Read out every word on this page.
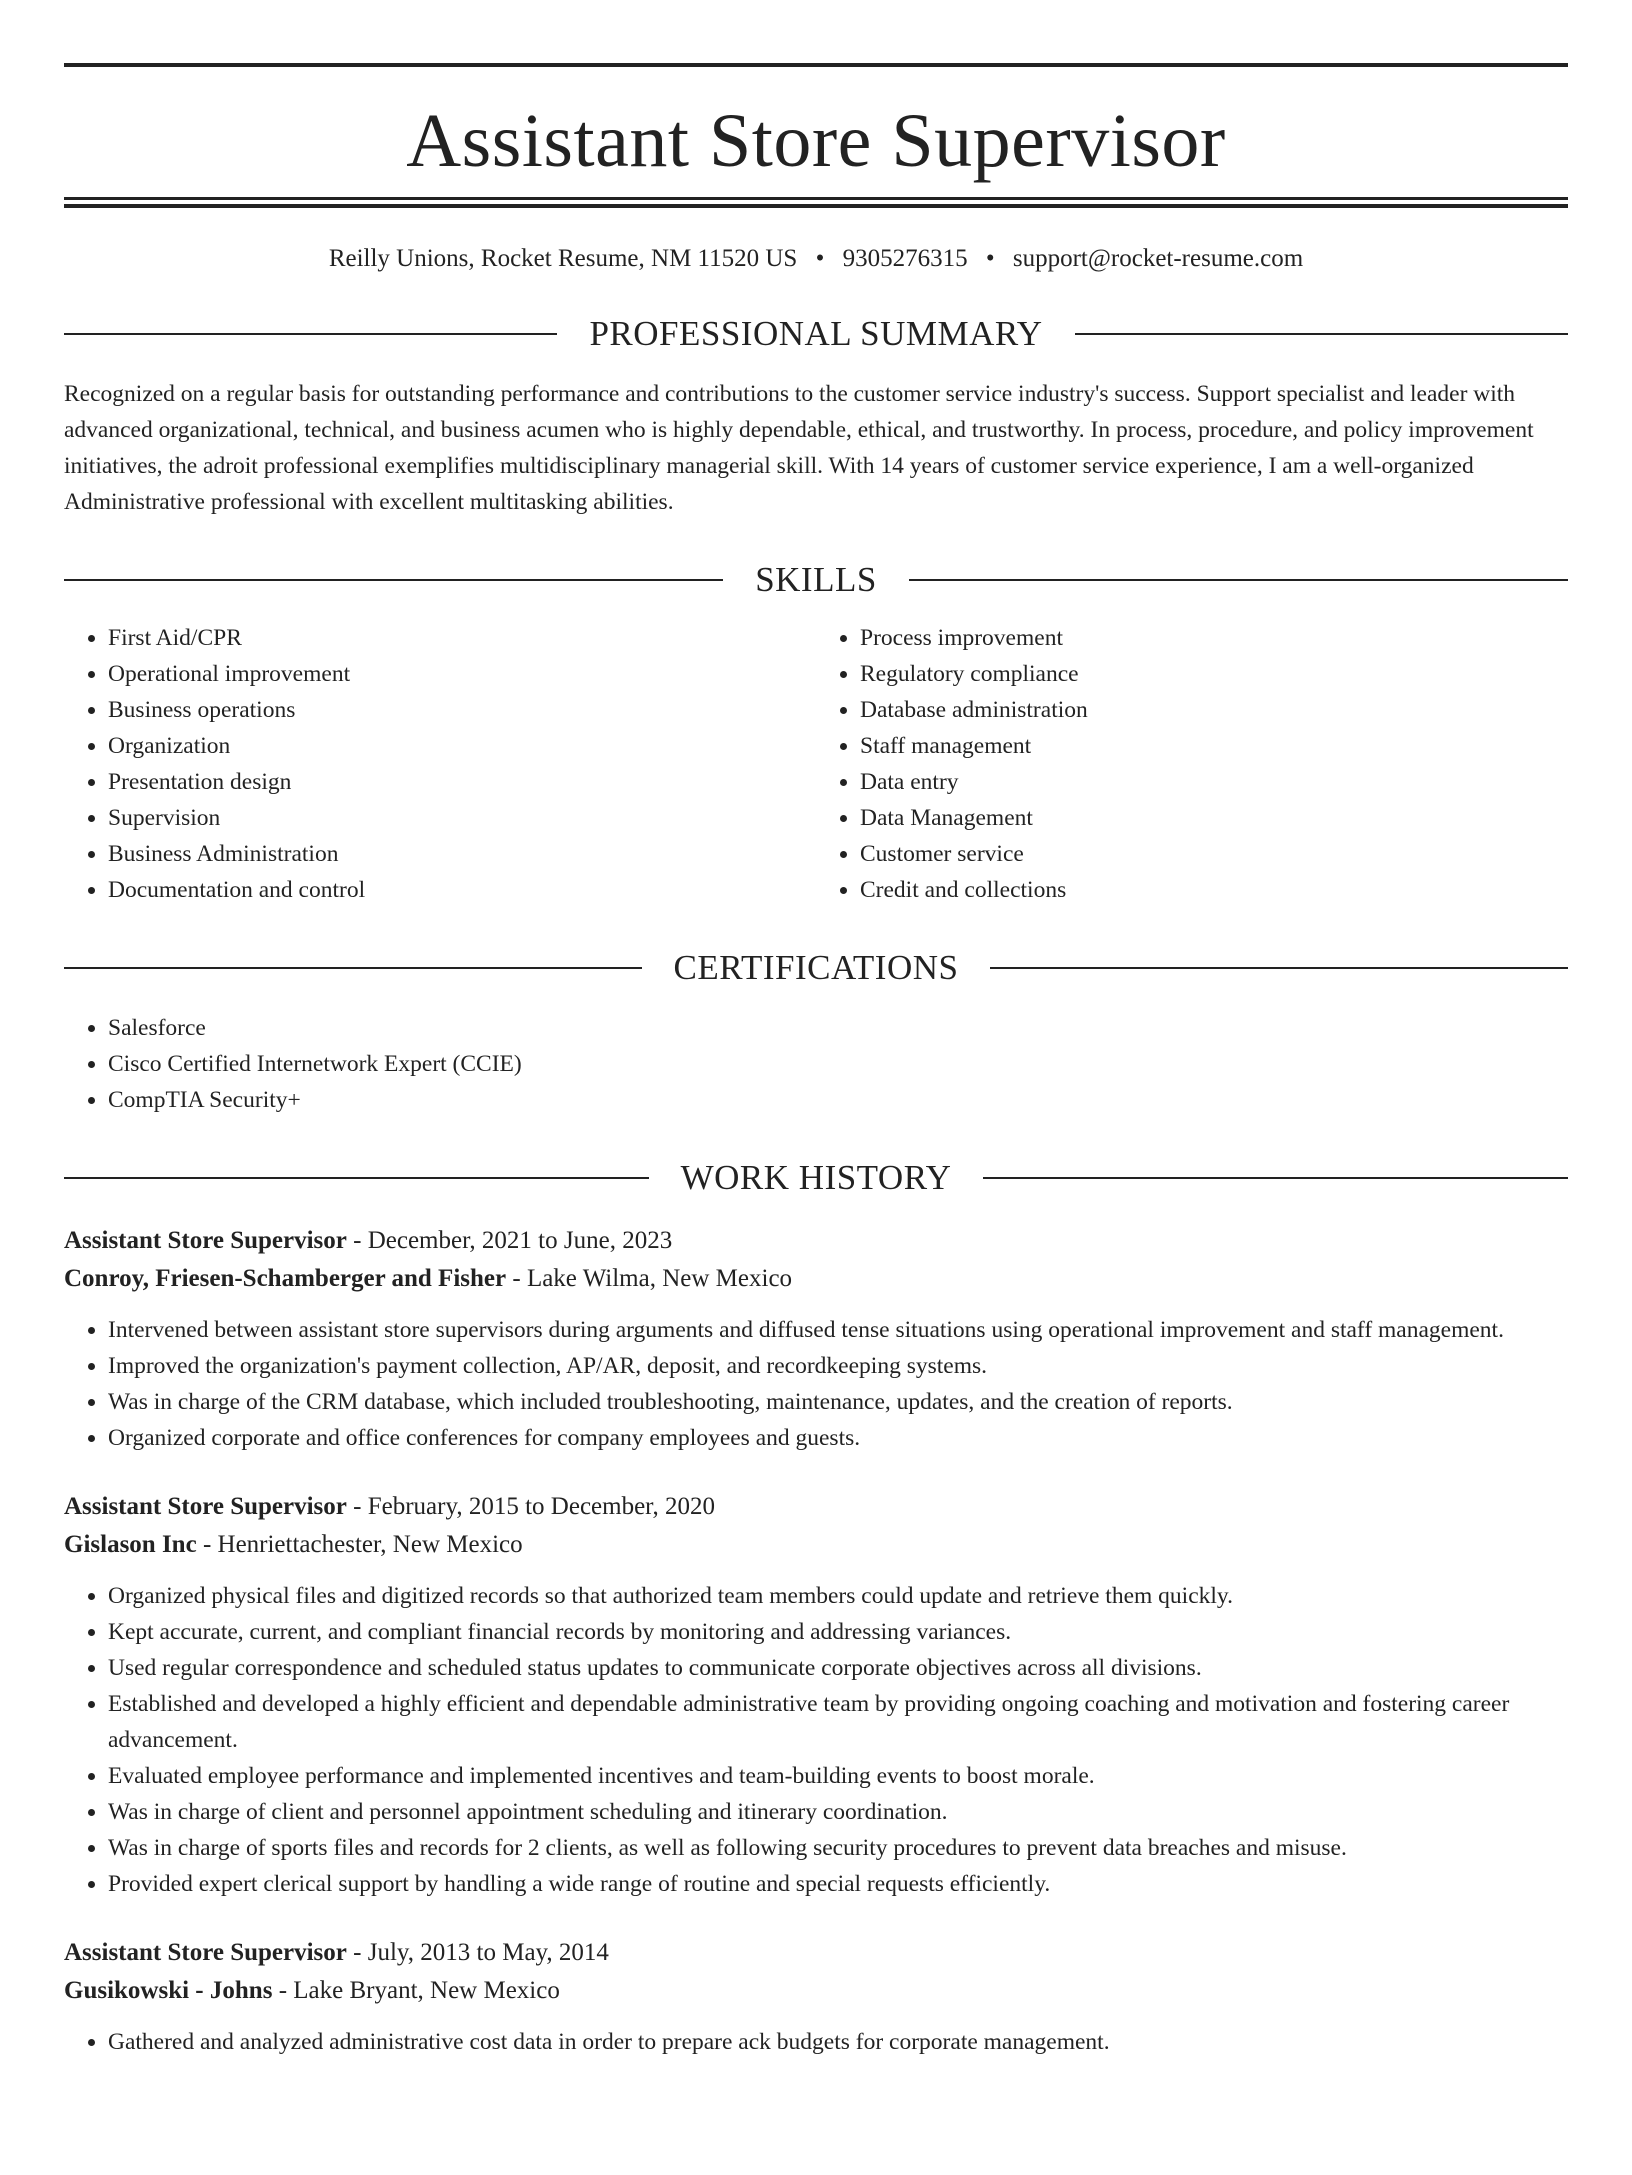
Assistant Store Supervisor
Reilly Unions, Rocket Resume, NM 11520 US • 9305276315 • support@rocket-resume.com
PROFESSIONAL SUMMARY

Recognized on a regular basis for outstanding performance and contributions to the customer service industry's success. Support specialist and leader with advanced organizational, technical, and business acumen who is highly dependable, ethical, and trustworthy. In process, procedure, and policy improvement initiatives, the adroit professional exemplifies multidisciplinary managerial skill. With 14 years of customer service experience, I am a well-organized Administrative professional with excellent multitasking abilities.

SKILLS
• First Aid/CPR
• Operational improvement
• Business operations
• Organization
• Presentation design
• Supervision
• Business Administration
• Documentation and control
• Process improvement
• Regulatory compliance
• Database administration
• Staff management
• Data entry
• Data Management
• Customer service
• Credit and collections
CERTIFICATIONS
• Salesforce
• Cisco Certified Internetwork Expert (CCIE)
• CompTIA Security+
WORK HISTORY
Assistant Store Supervisor - December, 2021 to June, 2023
Conroy, Friesen-Schamberger and Fisher - Lake Wilma, New Mexico
• Intervened between assistant store supervisors during arguments and diffused tense situations using operational improvement and staff management.
• Improved the organization's payment collection, AP/AR, deposit, and recordkeeping systems.
• Was in charge of the CRM database, which included troubleshooting, maintenance, updates, and the creation of reports.
• Organized corporate and office conferences for company employees and guests.
Assistant Store Supervisor - February, 2015 to December, 2020
Gislason Inc - Henriettachester, New Mexico
• Organized physical files and digitized records so that authorized team members could update and retrieve them quickly.
• Kept accurate, current, and compliant financial records by monitoring and addressing variances.
• Used regular correspondence and scheduled status updates to communicate corporate objectives across all divisions.
• Established and developed a highly efficient and dependable administrative team by providing ongoing coaching and motivation and fostering career advancement.
• Evaluated employee performance and implemented incentives and team-building events to boost morale.
• Was in charge of client and personnel appointment scheduling and itinerary coordination.
• Was in charge of sports files and records for 2 clients, as well as following security procedures to prevent data breaches and misuse.
• Provided expert clerical support by handling a wide range of routine and special requests efficiently.
Assistant Store Supervisor - July, 2013 to May, 2014
Gusikowski - Johns - Lake Bryant, New Mexico
• Gathered and analyzed administrative cost data in order to prepare ack budgets for corporate management.
